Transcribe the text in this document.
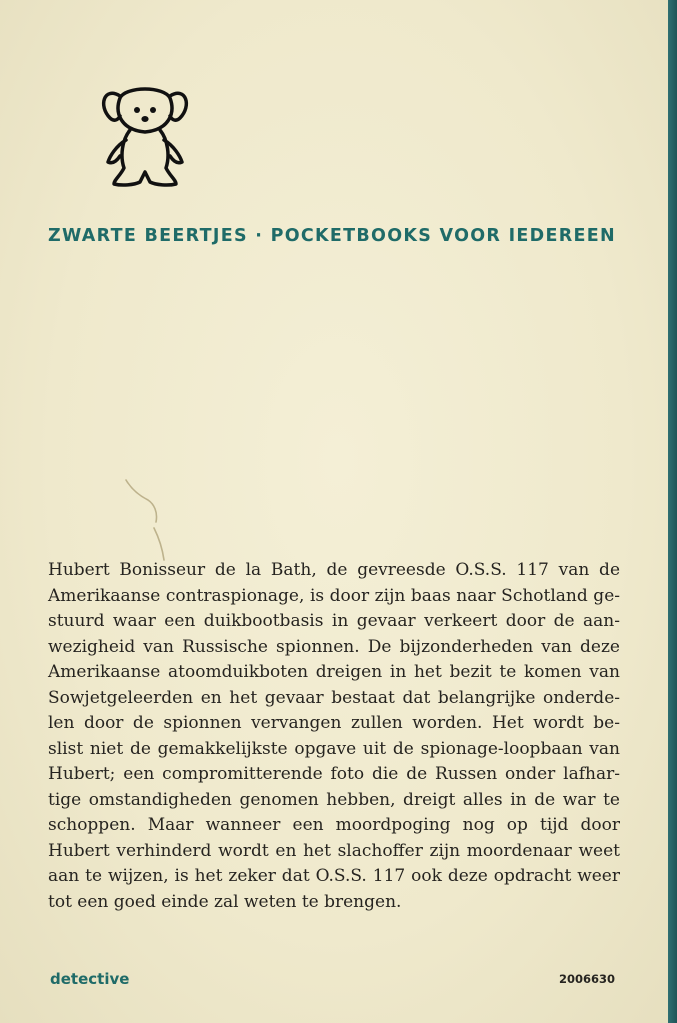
ZWARTE BEERTJES · POCKETBOOKS VOOR IEDEREEN
Hubert Bonisseur de la Bath, de gevreesde O.S.S. 117 van de
Amerikaanse contraspionage, is door zijn baas naar Schotland ge-
stuurd waar een duikbootbasis in gevaar verkeert door de aan-
wezigheid van Russische spionnen. De bijzonderheden van deze
Amerikaanse atoomduikboten dreigen in het bezit te komen van
Sowjetgeleerden en het gevaar bestaat dat belangrijke onderde-
len door de spionnen vervangen zullen worden. Het wordt be-
slist niet de gemakkelijkste opgave uit de spionage-loopbaan van
Hubert; een compromitterende foto die de Russen onder lafhar-
tige omstandigheden genomen hebben, dreigt alles in de war te
schoppen. Maar wanneer een moordpoging nog op tijd door
Hubert verhinderd wordt en het slachoffer zijn moordenaar weet
aan te wijzen, is het zeker dat O.S.S. 117 ook deze opdracht weer
tot een goed einde zal weten te brengen.
detective	2006630
